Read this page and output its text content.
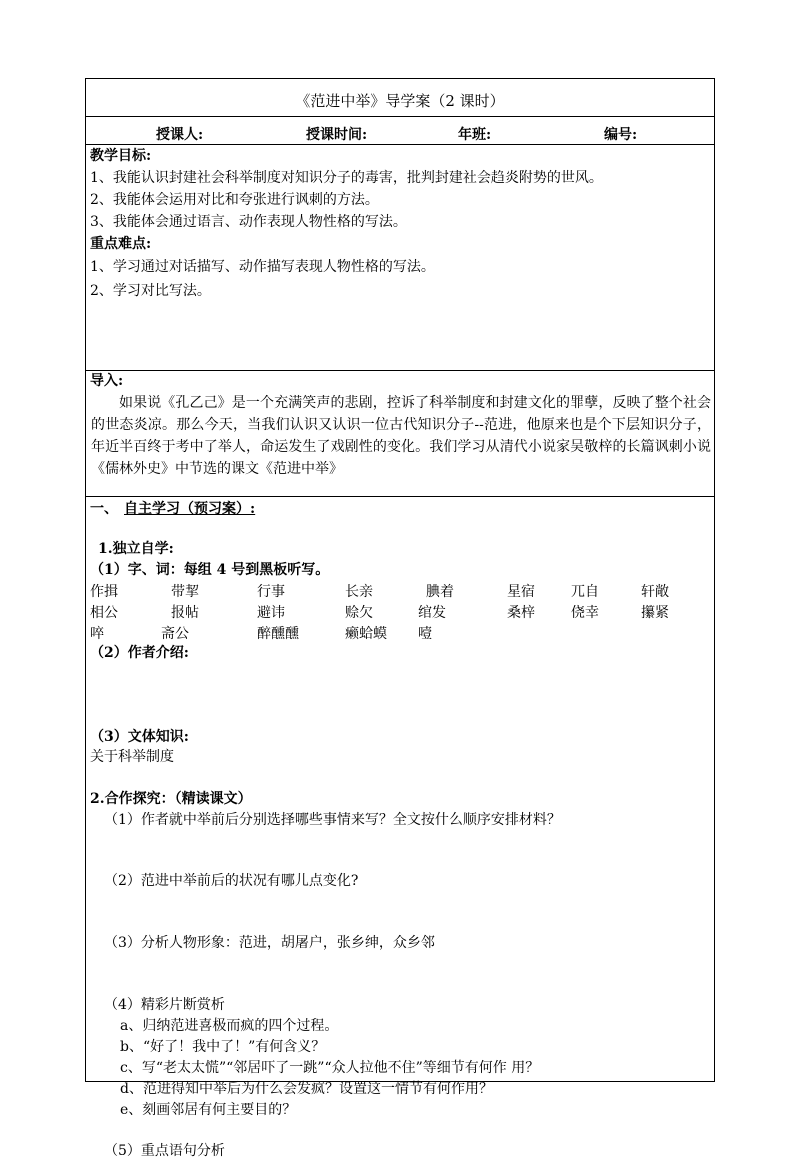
《范进中举》导学案（2 课时）
授课人:	授课时间:	年班:	编号:
教学目标:
1、我能认识封建社会科举制度对知识分子的毒害，批判封建社会趋炎附势的世风。
2、我能体会运用对比和夸张进行讽刺的方法。
3、我能体会通过语言、动作表现人物性格的写法。
重点难点:
1、学习通过对话描写、动作描写表现人物性格的写法。
2、学习对比写法。
导入:
如果说《孔乙己》是一个充满笑声的悲剧，控诉了科举制度和封建文化的罪孽，反映了整个社会的世态炎凉。那么今天，当我们认识又认识一位古代知识分子--范进，他原来也是个下层知识分子，年近半百终于考中了举人，命运发生了戏剧性的变化。我们学习从清代小说家吴敬梓的长篇讽刺小说《儒林外史》中节选的课文《范进中举》
一、 自主学习（预习案）:
1.独立自学:
（1）字、词：每组 4 号到黑板听写。
作揖	带挈	行事	长亲	腆着	星宿	兀自	轩敞
相公	报帖	避讳	赊欠	绾发	桑梓	侥幸	攥紧
啐	斋公	醉醺醺	癞蛤蟆 噎
（2）作者介绍:
（3）文体知识:
关于科举制度
2.合作探究：（精读课文）
（1）作者就中举前后分别选择哪些事情来写？全文按什么顺序安排材料？
（2）范进中举前后的状况有哪儿点变化?
（3）分析人物形象：范进，胡屠户，张乡绅，众乡邻
（4）精彩片断赏析
a、归纳范进喜极而疯的四个过程。
b、“好了！我中了！”有何含义？
c、写“老太太慌”“邻居吓了一跳”“众人拉他不住”等细节有何作 用？
d、范进得知中举后为什么会发疯？设置这一情节有何作用？
e、刻画邻居有何主要目的？
（5）重点语句分析
